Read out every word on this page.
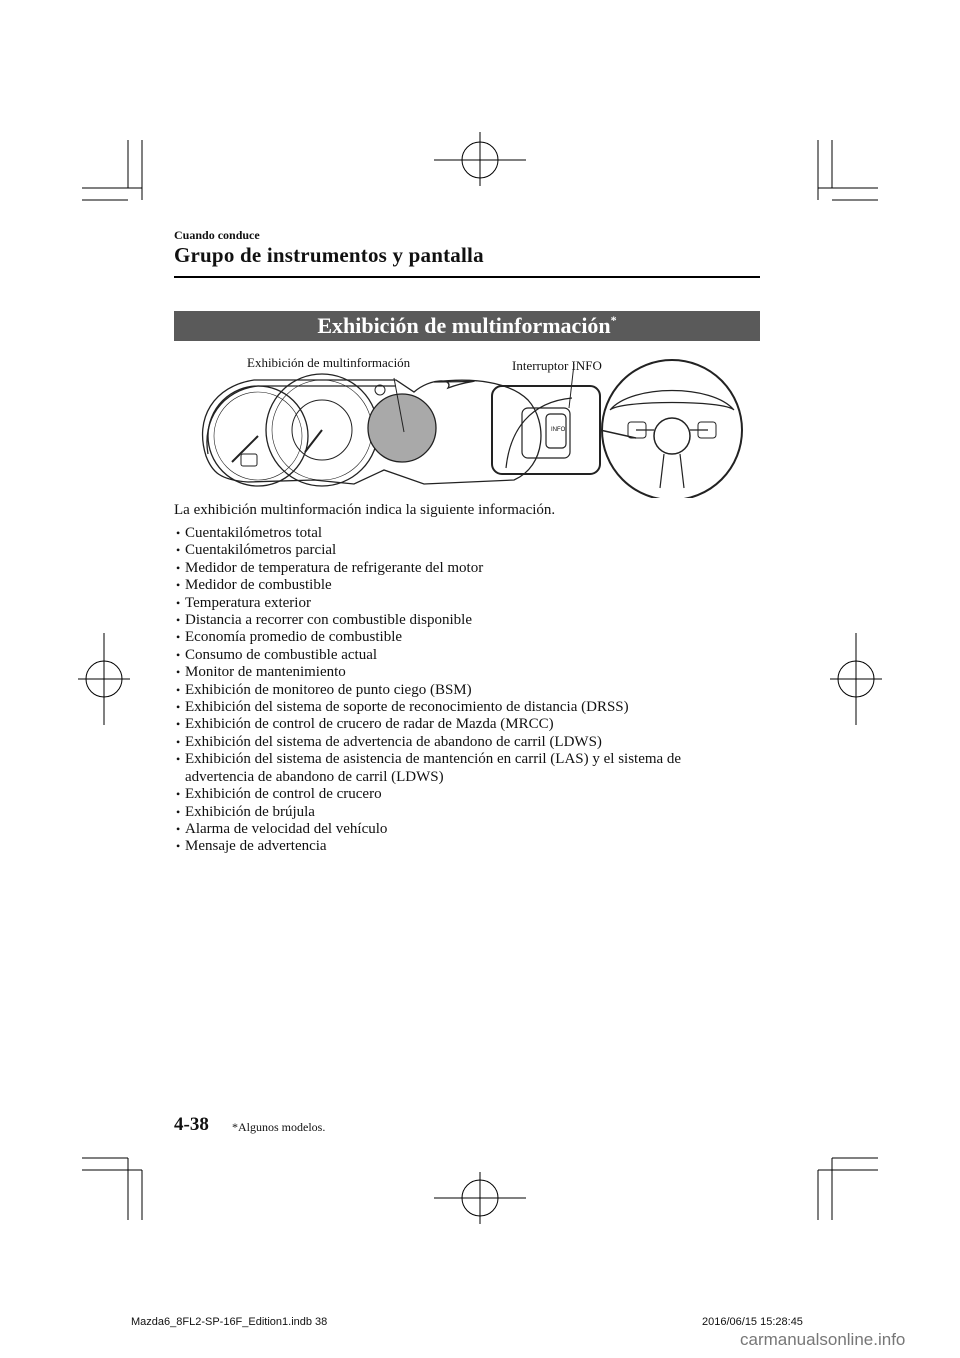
Cuando conduce
Grupo de instrumentos y pantalla
Exhibición de multinformación*
Exhibición de multinformación	Interruptor INFO
INFO
La exhibición multinformación indica la siguiente información.
• Cuentakilómetros total
• Cuentakilómetros parcial
• Medidor de temperatura de refrigerante del motor
• Medidor de combustible
• Temperatura exterior
• Distancia a recorrer con combustible disponible
• Economía promedio de combustible
• Consumo de combustible actual
• Monitor de mantenimiento
• Exhibición de monitoreo de punto ciego (BSM)
• Exhibición del sistema de soporte de reconocimiento de distancia (DRSS)
• Exhibición de control de crucero de radar de Mazda (MRCC)
• Exhibición del sistema de advertencia de abandono de carril (LDWS)
• Exhibición del sistema de asistencia de mantención en carril (LAS) y el sistema de advertencia de abandono de carril (LDWS)
• Exhibición de control de crucero
• Exhibición de brújula
• Alarma de velocidad del vehículo
• Mensaje de advertencia
4-38 *Algunos modelos.
Mazda6_8FL2-SP-16F_Edition1.indb 38	2016/06/15 15:28:45
carmanualsonline.info
